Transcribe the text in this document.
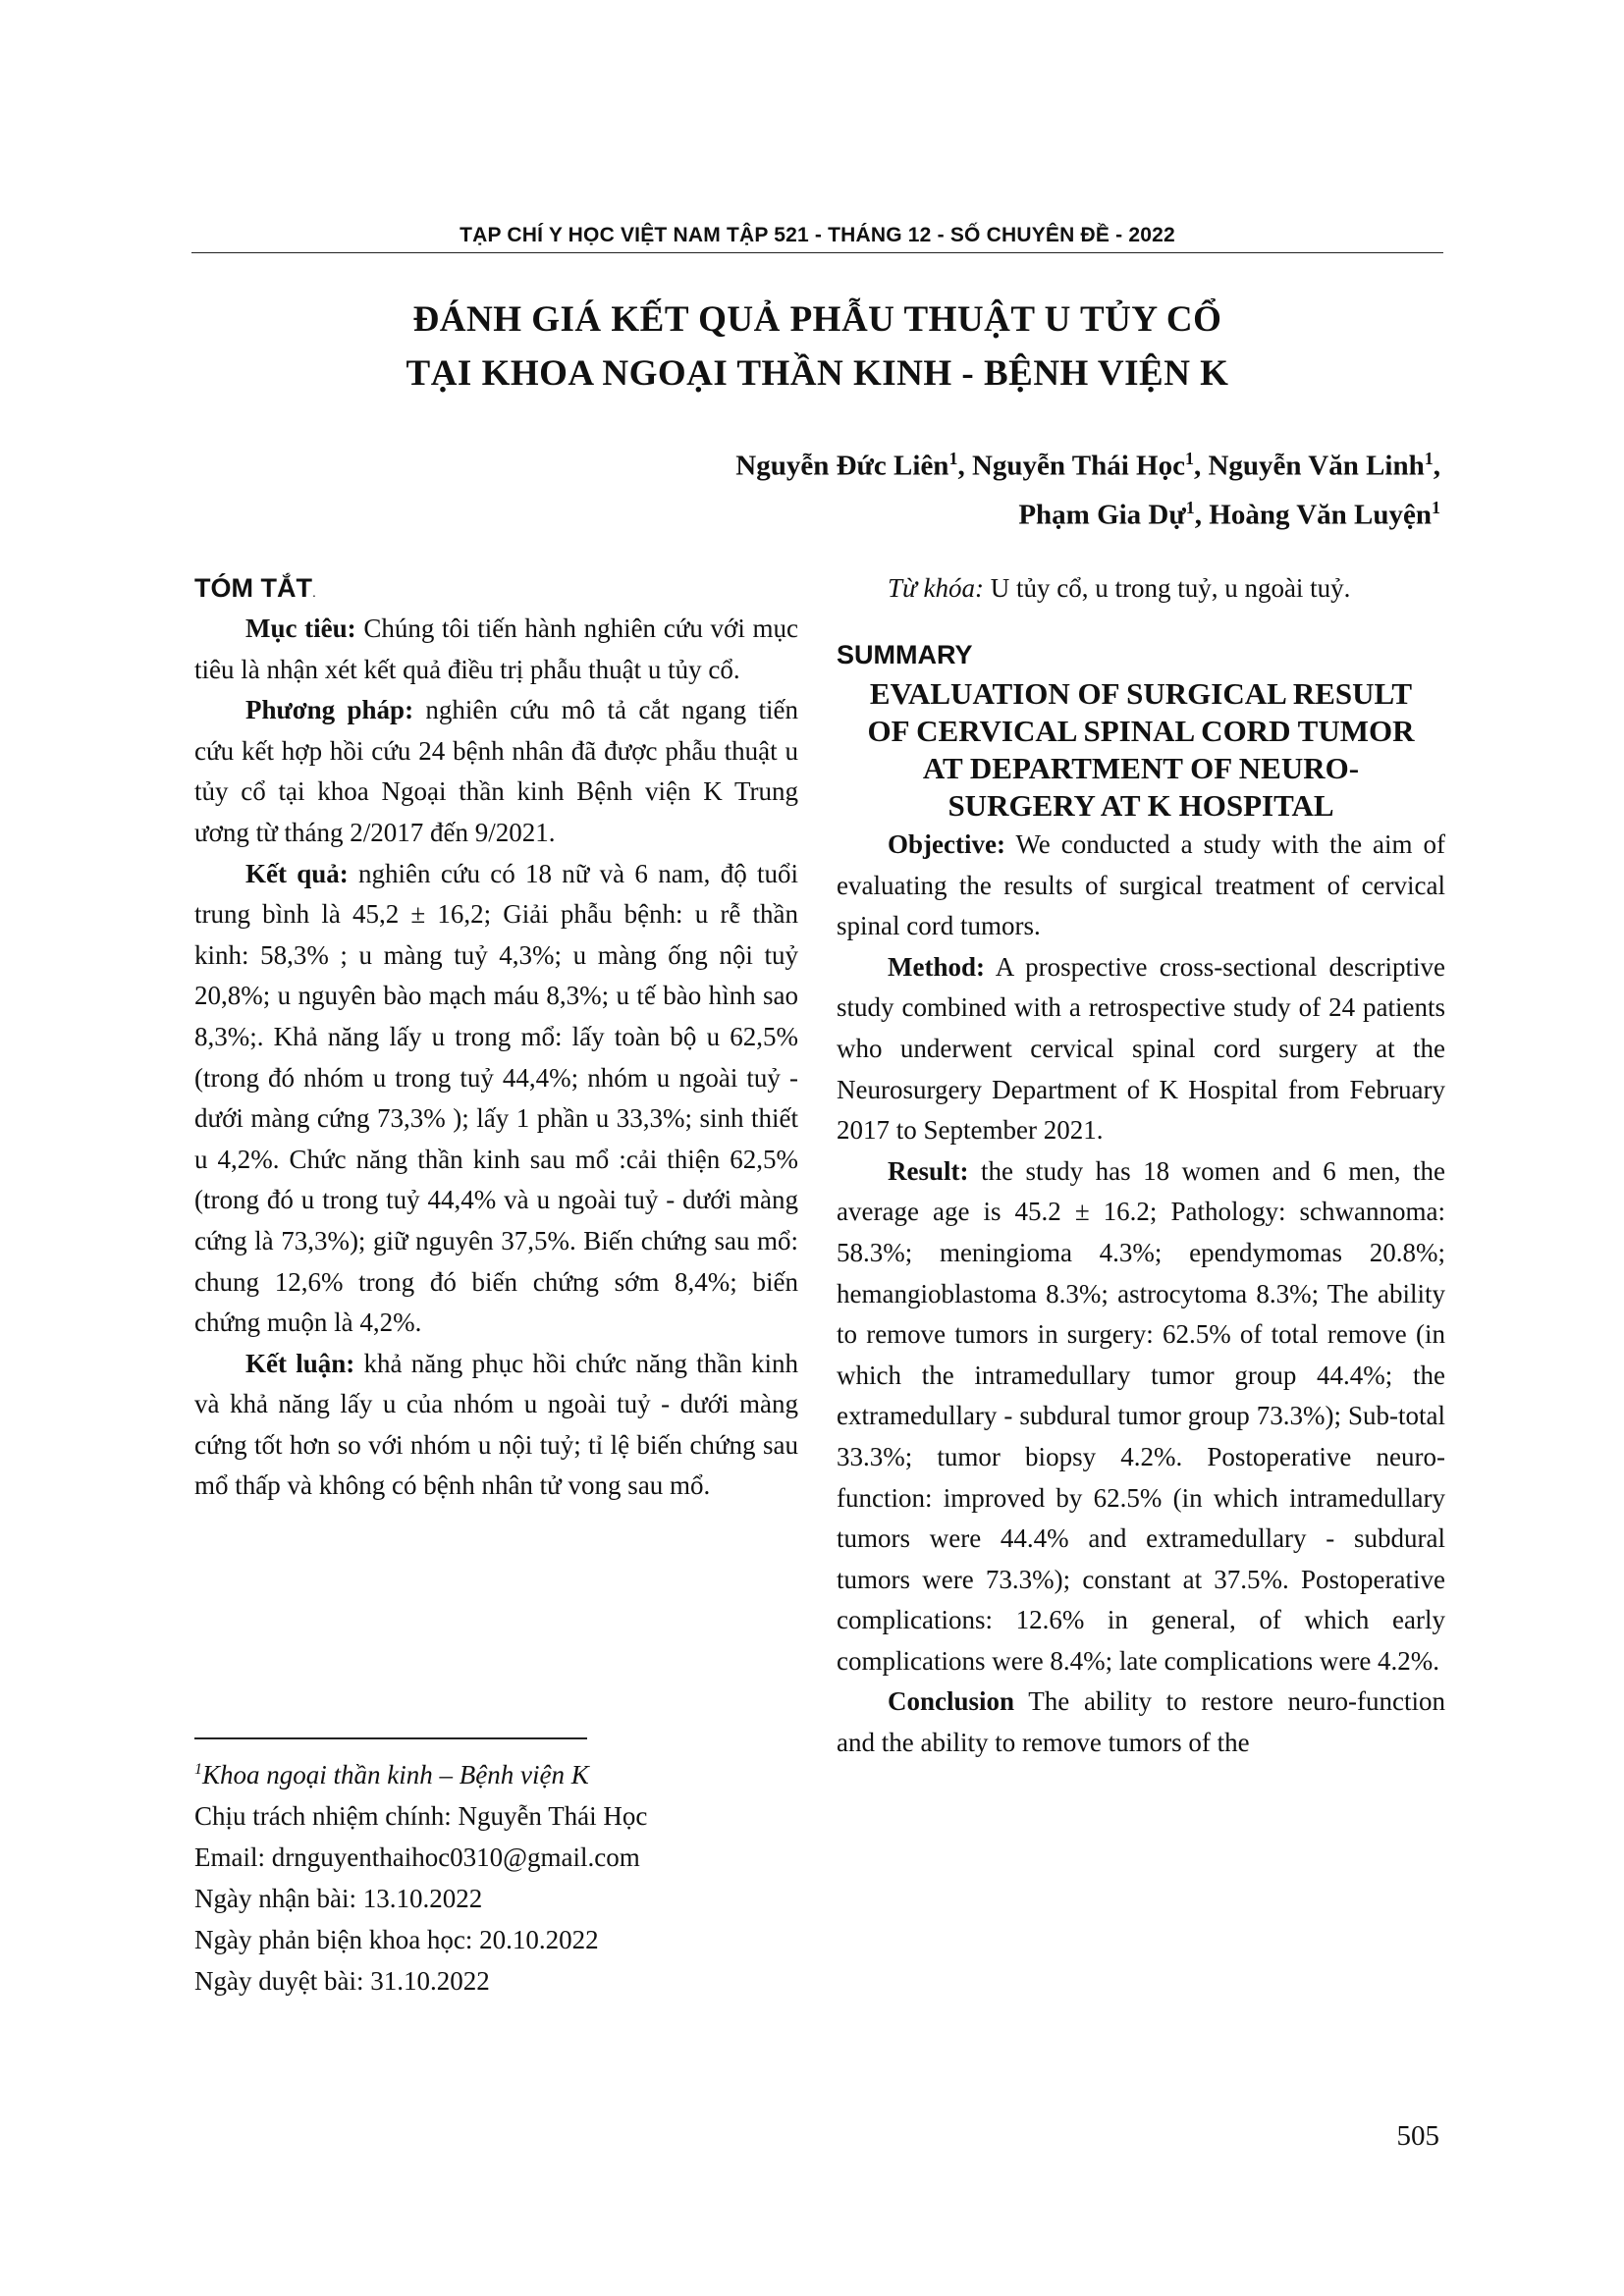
TẠP CHÍ Y HỌC VIỆT NAM TẬP 521 - THÁNG 12 - SỐ CHUYÊN ĐỀ - 2022
ĐÁNH GIÁ KẾT QUẢ PHẪU THUẬT U TỦY CỔ
TẠI KHOA NGOẠI THẦN KINH - BỆNH VIỆN K
Nguyễn Đức Liên$^1$, Nguyễn Thái Học$^1$, Nguyễn Văn Linh$^1$,
Phạm Gia Dự$^1$, Hoàng Văn Luyện$^1$
TÓM TẮT.

Mục tiêu: Chúng tôi tiến hành nghiên cứu với mục tiêu là nhận xét kết quả điều trị phẫu thuật u tủy cổ.

Phương pháp: nghiên cứu mô tả cắt ngang tiến cứu kết hợp hồi cứu 24 bệnh nhân đã được phẫu thuật u tủy cổ tại khoa Ngoại thần kinh Bệnh viện K Trung ương từ tháng 2/2017 đến 9/2021.

Kết quả: nghiên cứu có 18 nữ và 6 nam, độ tuổi trung bình là 45,2 ± 16,2; Giải phẫu bệnh: u rễ thần kinh: 58,3% ; u màng tuỷ 4,3%; u màng ống nội tuỷ 20,8%; u nguyên bào mạch máu 8,3%; u tế bào hình sao 8,3%;. Khả năng lấy u trong mổ: lấy toàn bộ u 62,5% (trong đó nhóm u trong tuỷ 44,4%; nhóm u ngoài tuỷ - dưới màng cứng 73,3% ); lấy 1 phần u 33,3%; sinh thiết u 4,2%. Chức năng thần kinh sau mổ :cải thiện 62,5%(trong đó u trong tuỷ 44,4% và u ngoài tuỷ - dưới màng cứng là 73,3%); giữ nguyên 37,5%. Biến chứng sau mổ: chung 12,6% trong đó biến chứng sớm 8,4%; biến chứng muộn là 4,2%.

Kết luận: khả năng phục hồi chức năng thần kinh và khả năng lấy u của nhóm u ngoài tuỷ - dưới màng cứng tốt hơn so với nhóm u nội tuỷ; tỉ lệ biến chứng sau mổ thấp và không có bệnh nhân tử vong sau mổ.

$^1$Khoa ngoại thần kinh – Bệnh viện K
Chịu trách nhiệm chính: Nguyễn Thái Học
Email: drnguyenthaihoc0310@gmail.com
Ngày nhận bài: 13.10.2022
Ngày phản biện khoa học: 20.10.2022
Ngày duyệt bài: 31.10.2022

Từ khóa: U tủy cổ, u trong tuỷ, u ngoài tuỷ.

SUMMARY

EVALUATION OF SURGICAL RESULT
OF CERVICAL SPINAL CORD TUMOR
AT DEPARTMENT OF NEURO-
SURGERY AT K HOSPITAL

Objective: We conducted a study with the aim of evaluating the results of surgical treatment of cervical spinal cord tumors.

Method: A prospective cross-sectional descriptive study combined with a retrospective study of 24 patients who underwent cervical spinal cord surgery at the Neurosurgery Department of K Hospital from February 2017 to September 2021.

Result: the study has 18 women and 6 men, the average age is 45.2 ± 16.2; Pathology: schwannoma: 58.3%; meningioma 4.3%; ependymomas 20.8%; hemangioblastoma 8.3%; astrocytoma 8.3%; The ability to remove tumors in surgery: 62.5% of total remove (in which the intramedullary tumor group 44.4%; the extramedullary - subdural tumor group 73.3%); Sub-total 33.3%; tumor biopsy 4.2%. Postoperative neuro-function: improved by 62.5% (in which intramedullary tumors were 44.4% and extramedullary - subdural tumors were 73.3%); constant at 37.5%. Postoperative complications: 12.6% in general, of which early complications were 8.4%; late complications were 4.2%.

Conclusion The ability to restore neuro-function and the ability to remove tumors of the

505
